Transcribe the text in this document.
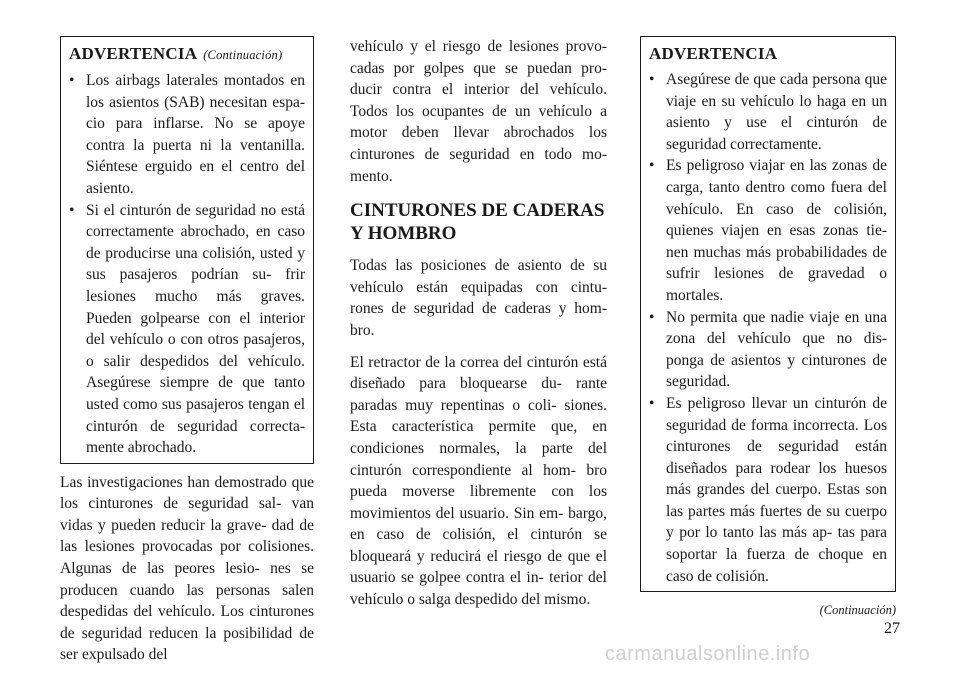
ADVERTENCIA (Continuación)
• Los airbags laterales montados en los asientos (SAB) necesitan espa- cio para inflarse. No se apoye contra la puerta ni la ventanilla. Siéntese erguido en el centro del asiento.
• Si el cinturón de seguridad no está correctamente abrochado, en caso de producirse una colisión, usted y sus pasajeros podrían su- frir lesiones mucho más graves. Pueden golpearse con el interior del vehículo o con otros pasajeros, o salir despedidos del vehículo. Asegúrese siempre de que tanto usted como sus pasajeros tengan el cinturón de seguridad correcta- mente abrochado.

Las investigaciones han demostrado que los cinturones de seguridad sal- van vidas y pueden reducir la grave- dad de las lesiones provocadas por colisiones. Algunas de las peores lesio- nes se producen cuando las personas salen despedidas del vehículo. Los cinturones de seguridad reducen la posibilidad de ser expulsado del

vehículo y el riesgo de lesiones provo- cadas por golpes que se puedan pro- ducir contra el interior del vehículo. Todos los ocupantes de un vehículo a motor deben llevar abrochados los cinturones de seguridad en todo mo- mento.

CINTURONES DE CADERAS Y HOMBRO

Todas las posiciones de asiento de su vehículo están equipadas con cintu- rones de seguridad de caderas y hom- bro.

El retractor de la correa del cinturón está diseñado para bloquearse du- rante paradas muy repentinas o coli- siones. Esta característica permite que, en condiciones normales, la parte del cinturón correspondiente al hom- bro pueda moverse libremente con los movimientos del usuario. Sin em- bargo, en caso de colisión, el cinturón se bloqueará y reducirá el riesgo de que el usuario se golpee contra el in- terior del vehículo o salga despedido del mismo.

ADVERTENCIA
• Asegúrese de que cada persona que viaje en su vehículo lo haga en un asiento y use el cinturón de seguridad correctamente.
• Es peligroso viajar en las zonas de carga, tanto dentro como fuera del vehículo. En caso de colisión, quienes viajen en esas zonas tie- nen muchas más probabilidades de sufrir lesiones de gravedad o mortales.
• No permita que nadie viaje en una zona del vehículo que no dis- ponga de asientos y cinturones de seguridad.
• Es peligroso llevar un cinturón de seguridad de forma incorrecta. Los cinturones de seguridad están diseñados para rodear los huesos más grandes del cuerpo. Estas son las partes más fuertes de su cuerpo y por lo tanto las más ap- tas para soportar la fuerza de choque en caso de colisión.
(Continuación)
27
carmanualsonline.info
